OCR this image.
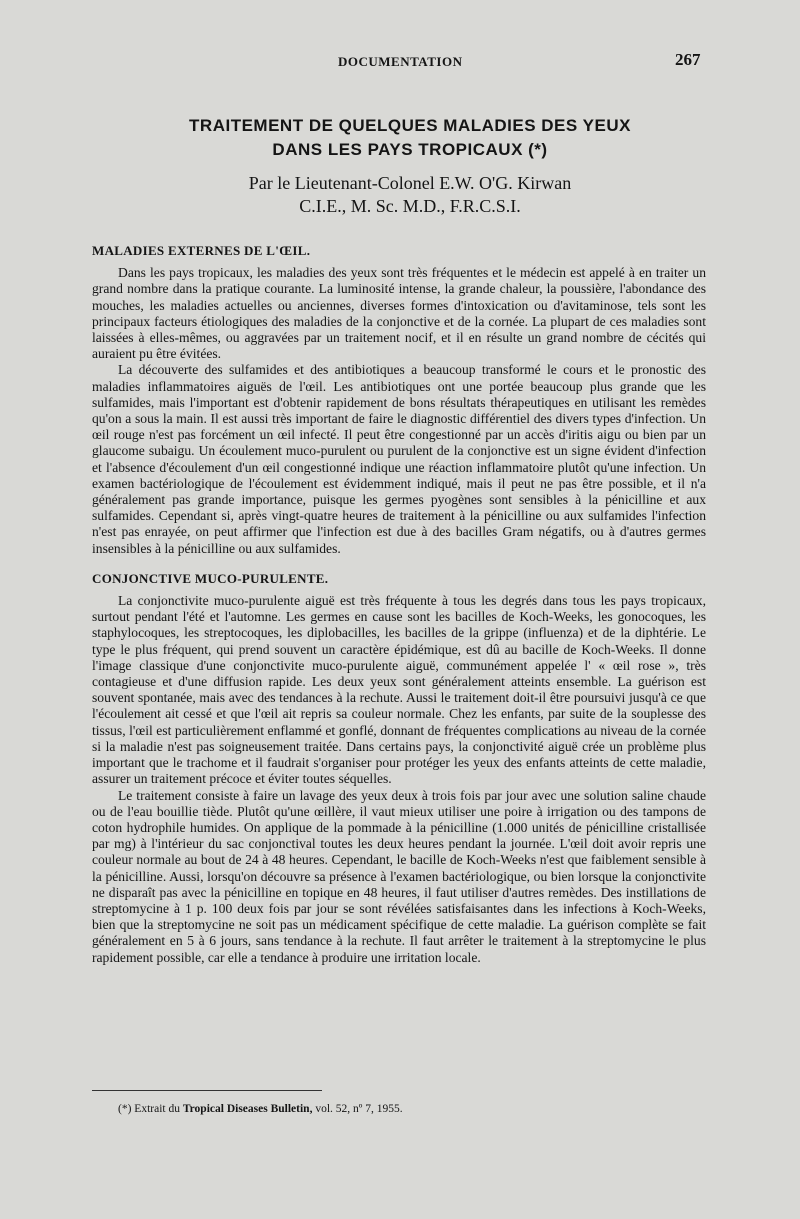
DOCUMENTATION	267
TRAITEMENT DE QUELQUES MALADIES DES YEUX
DANS LES PAYS TROPICAUX (*)
Par le Lieutenant-Colonel E.W. O'G. Kirwan
C.I.E., M. Sc. M.D., F.R.C.S.I.
MALADIES EXTERNES DE L'ŒIL.

Dans les pays tropicaux, les maladies des yeux sont très fréquentes et le médecin est appelé à en traiter un grand nombre dans la pratique courante. La luminosité intense, la grande chaleur, la poussière, l'abondance des mouches, les maladies actuelles ou anciennes, diverses formes d'intoxication ou d'avitaminose, tels sont les principaux facteurs étiologiques des maladies de la conjonctive et de la cornée. La plupart de ces maladies sont laissées à elles-mêmes, ou aggravées par un traitement nocif, et il en résulte un grand nombre de cécités qui auraient pu être évitées.

La découverte des sulfamides et des antibiotiques a beaucoup transformé le cours et le pronostic des maladies inflammatoires aiguës de l'œil. Les antibiotiques ont une portée beaucoup plus grande que les sulfamides, mais l'important est d'obtenir rapidement de bons résultats thérapeutiques en utilisant les remèdes qu'on a sous la main. Il est aussi très important de faire le diagnostic différentiel des divers types d'infection. Un œil rouge n'est pas forcément un œil infecté. Il peut être congestionné par un accès d'iritis aigu ou bien par un glaucome subaigu. Un écoulement muco-purulent ou purulent de la conjonctive est un signe évident d'infection et l'absence d'écoulement d'un œil congestionné indique une réaction inflammatoire plutôt qu'une infection. Un examen bactériologique de l'écoulement est évidemment indiqué, mais il peut ne pas être possible, et il n'a généralement pas grande importance, puisque les germes pyogènes sont sensibles à la pénicilline et aux sulfamides. Cependant si, après vingt-quatre heures de traitement à la pénicilline ou aux sulfamides l'infection n'est pas enrayée, on peut affirmer que l'infection est due à des bacilles Gram négatifs, ou à d'autres germes insensibles à la pénicilline ou aux sulfamides.

CONJONCTIVE MUCO-PURULENTE.

La conjonctivite muco-purulente aiguë est très fréquente à tous les degrés dans tous les pays tropicaux, surtout pendant l'été et l'automne. Les germes en cause sont les bacilles de Koch-Weeks, les gonocoques, les staphylocoques, les streptocoques, les diplobacilles, les bacilles de la grippe (influenza) et de la diphtérie. Le type le plus fréquent, qui prend souvent un caractère épidémique, est dû au bacille de Koch-Weeks. Il donne l'image classique d'une conjonctivite muco-purulente aiguë, communément appelée l' « œil rose », très contagieuse et d'une diffusion rapide. Les deux yeux sont généralement atteints ensemble. La guérison est souvent spontanée, mais avec des tendances à la rechute. Aussi le traitement doit-il être poursuivi jusqu'à ce que l'écoulement ait cessé et que l'œil ait repris sa couleur normale. Chez les enfants, par suite de la souplesse des tissus, l'œil est particulièrement enflammé et gonflé, donnant de fréquentes complications au niveau de la cornée si la maladie n'est pas soigneusement traitée. Dans certains pays, la conjonctivité aiguë crée un problème plus important que le trachome et il faudrait s'organiser pour protéger les yeux des enfants atteints de cette maladie, assurer un traitement précoce et éviter toutes séquelles.

Le traitement consiste à faire un lavage des yeux deux à trois fois par jour avec une solution saline chaude ou de l'eau bouillie tiède. Plutôt qu'une œillère, il vaut mieux utiliser une poire à irrigation ou des tampons de coton hydrophile humides. On applique de la pommade à la pénicilline (1.000 unités de pénicilline cristallisée par mg) à l'intérieur du sac conjonctival toutes les deux heures pendant la journée. L'œil doit avoir repris une couleur normale au bout de 24 à 48 heures. Cependant, le bacille de Koch-Weeks n'est que faiblement sensible à la pénicilline. Aussi, lorsqu'on découvre sa présence à l'examen bactériologique, ou bien lorsque la conjonctivite ne disparaît pas avec la pénicilline en topique en 48 heures, il faut utiliser d'autres remèdes. Des instillations de streptomycine à 1 p. 100 deux fois par jour se sont révélées satisfaisantes dans les infections à Koch-Weeks, bien que la streptomycine ne soit pas un médicament spécifique de cette maladie. La guérison complète se fait généralement en 5 à 6 jours, sans tendance à la rechute. Il faut arrêter le traitement à la streptomycine le plus rapidement possible, car elle a tendance à produire une irritation locale.

(*) Extrait du Tropical Diseases Bulletin, vol. 52, nº 7, 1955.
